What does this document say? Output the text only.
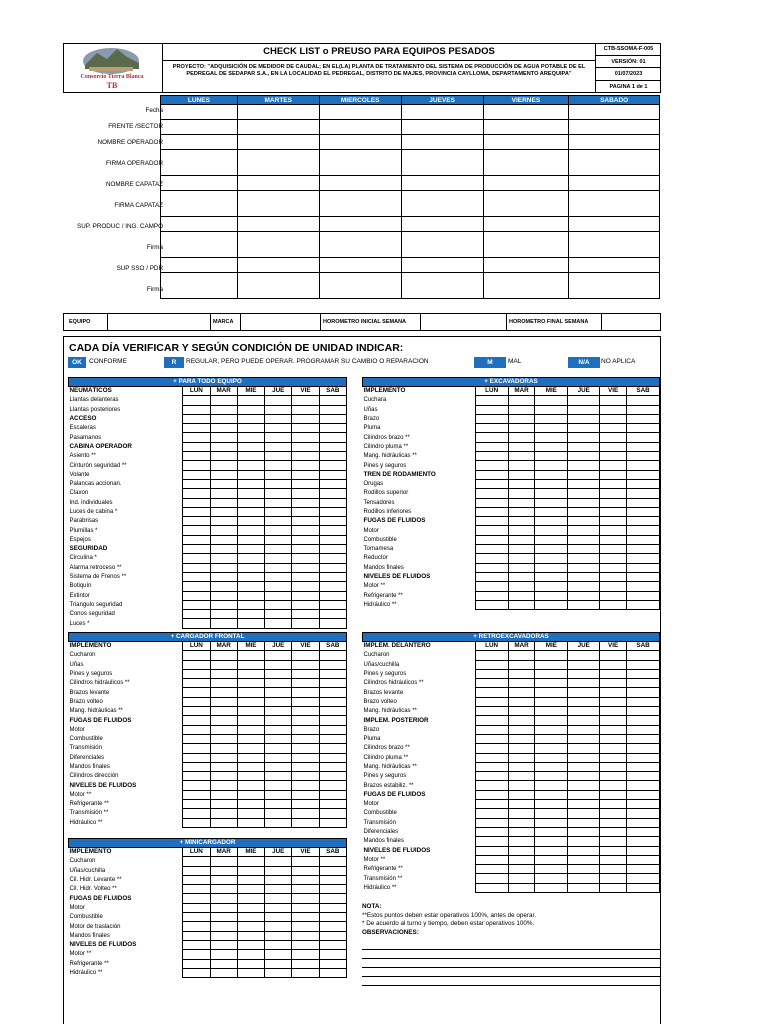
Consorcio Tierra Blanca
TB
CHECK LIST o PREUSO PARA EQUIPOS PESADOS
PROYECTO: "ADQUISICIÓN DE MEDIDOR DE CAUDAL; EN EL(LA) PLANTA DE TRATAMIENTO DEL SISTEMA DE PRODUCCIÓN DE AGUA POTABLE DE EL PEDREGAL DE SEDAPAR S.A., EN LA LOCALIDAD EL PEDREGAL, DISTRITO DE MAJES, PROVINCIA CAYLLOMA, DEPARTAMENTO AREQUIPA"
CTB-SSOMA-F-005
VERSIÓN: 01
01/07/2023
PAGINA 1 de 1
LUNES	MARTES	MIERCOLES	JUEVES	VIERNES	SABADO

Fecha
FRENTE /SECTOR
NOMBRE OPERADOR
FIRMA OPERADOR
NOMBRE CAPATAZ
FIRMA CAPATAZ
SUP. PRODUC / ING. CAMPO
Firma
SUP SSO / PDR
Firma
EQUIPO	MARCA	HOROMETRO INICIAL SEMANA	HOROMETRO FINAL SEMANA
CADA DÍA VERIFICAR Y SEGÚN CONDICIÓN DE UNIDAD INDICAR:
OK	CONFORME	R	REGULAR, PERO PUEDE OPERAR. PROGRAMAR SU CAMBIO O REPARACION	M	MAL	N/A	NO APLICA
+ PARA TODO EQUIPO						
NEUMÁTICOS	LUN	MAR	MIE	JUE	VIE	SAB
Llantas delanteras						
Llantas posteriores						
ACCESO						
Escaleras						
Pasamanos						
CABINA OPERADOR						
Asiento **						
Cinturón seguridad **						
Volante						
Palancas accionan.						
Claxon						
Ind. individuales						
Luces de cabina *						
Parabrisas						
Plumillas *						
Espejos						
SEGURIDAD						
Circulina *						
Alarma retroceso **						
Sistema de Frenos **						
Botiquín						
Extintor						
Triangulo seguridad						
Conos seguridad						
Luces *						
+ EXCAVADORAS						
IMPLEMENTO	LUN	MAR	MIE	JUE	VIE	SAB
Cuchara						
Uñas						
Brazo						
Pluma						
Cilindros brazo **						
Cilindro pluma **						
Mang. hidráulicas **						
Pines y seguros						
TREN DE RODAMIENTO						
Orugas						
Rodillos superior						
Tensadores						
Rodillos inferiores						
FUGAS DE FLUIDOS						
Motor						
Combustible						
Tornamesa						
Reductor						
Mandos finales						
NIVELES DE FLUIDOS						
Motor **						
Refrigerante **						
Hidráulico **						
+ CARGADOR FRONTAL						
IMPLEMENTO	LUN	MAR	MIE	JUE	VIE	SAB
Cucharon						
Uñas						
Pines y seguros						
Cilindros hidráulicos **						
Brazos levante						
Brazo volteo						
Mang. hidráulicas **						
FUGAS DE FLUIDOS						
Motor						
Combustible						
Transmisión						
Diferenciales						
Mandos finales						
Cilindros dirección						
NIVELES DE FLUIDOS						
Motor **						
Refrigerante **						
Transmisión **						
Hidráulico **						
+ RETROEXCAVADORAS						
IMPLEM. DELANTERO	LUN	MAR	MIE	JUE	VIE	SAB
Cucharon						
Uñas/cuchilla						
Pines y seguros						
Cilindros hidráulicos **						
Brazos levante						
Brazo volteo						
Mang. hidráulicas **						
IMPLEM. POSTERIOR						
Brazo						
Pluma						
Cilindros brazo **						
Cilindro pluma **						
Mang. hidráulicas **						
Pines y seguros						
Brazos estabiliz. **						
FUGAS DE FLUIDOS						
Motor						
Combustible						
Transmisión						
Diferenciales						
Mandos finales						
NIVELES DE FLUIDOS						
Motor **						
Refrigerante **						
Transmisión **						
Hidráulico **						
+ MINICARGADOR						
IMPLEMENTO	LUN	MAR	MIE	JUE	VIE	SAB
Cucharon						
Uñas/cuchilla						
Cil. Hidr. Levante **						
Cil. Hidr. Volteo **						
FUGAS DE FLUIDOS						
Motor						
Combustible						
Motor de traslación						
Mandos finales						
NIVELES DE FLUIDOS						
Motor **						
Refrigerante **						
Hidráulico **						
NOTA:
**Estos puntos deben estar operativos 100%, antes de operar.
* De acuerdo al turno y tiempo, deben estar operativos 100%.
OBSERVACIONES:
